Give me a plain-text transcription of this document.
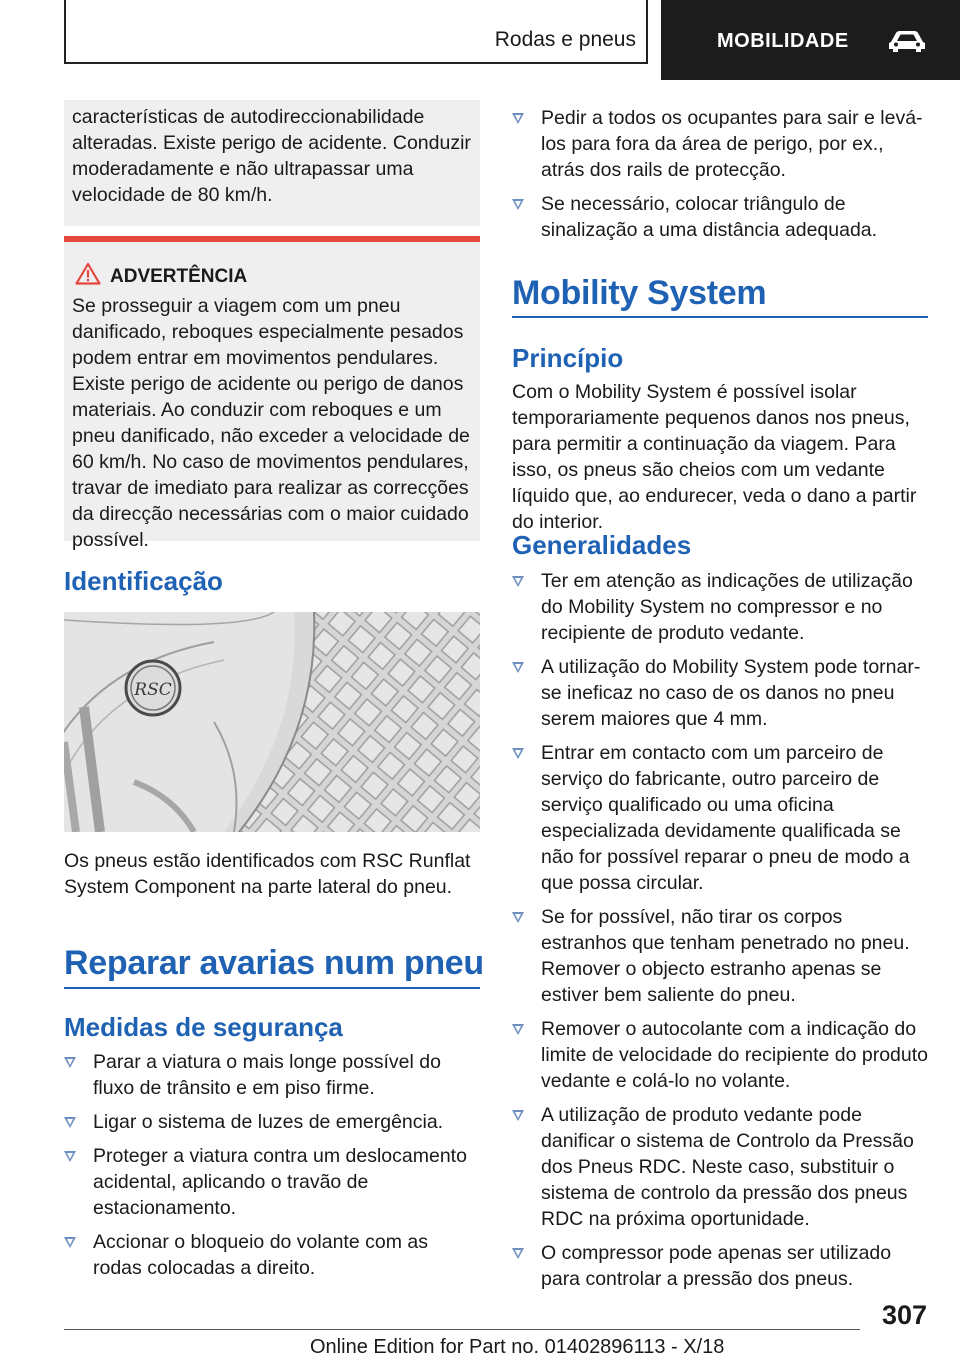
Rodas e pneus	MOBILIDADE
características de autodireccionabilidade alteradas. Existe perigo de acidente. Conduzir moderadamente e não ultrapassar uma velocidade de 80 km/h.
ADVERTÊNCIA
Se prosseguir a viagem com um pneu danificado, reboques especialmente pesados podem entrar em movimentos pendulares. Existe perigo de acidente ou perigo de danos materiais. Ao conduzir com reboques e um pneu danificado, não exceder a velocidade de 60 km/h. No caso de movimentos pendulares, travar de imediato para realizar as correcções da direcção necessárias com o maior cuidado possível.
Identificação
RSC
Os pneus estão identificados com RSC Runflat System Component na parte lateral do pneu.
Reparar avarias num pneu
Medidas de segurança
Parar a viatura o mais longe possível do fluxo de trânsito e em piso firme.
Ligar o sistema de luzes de emergência.
Proteger a viatura contra um deslocamento acidental, aplicando o travão de estacionamento.
Accionar o bloqueio do volante com as rodas colocadas a direito.
Pedir a todos os ocupantes para sair e levá-los para fora da área de perigo, por ex., atrás dos rails de protecção.
Se necessário, colocar triângulo de sinalização a uma distância adequada.
Mobility System
Princípio
Com o Mobility System é possível isolar temporariamente pequenos danos nos pneus, para permitir a continuação da viagem. Para isso, os pneus são cheios com um vedante líquido que, ao endurecer, veda o dano a partir do interior.
Generalidades
Ter em atenção as indicações de utilização do Mobility System no compressor e no recipiente de produto vedante.
A utilização do Mobility System pode tornar-se ineficaz no caso de os danos no pneu serem maiores que 4 mm.
Entrar em contacto com um parceiro de serviço do fabricante, outro parceiro de serviço qualificado ou uma oficina especializada devidamente qualificada se não for possível reparar o pneu de modo a que possa circular.
Se for possível, não tirar os corpos estranhos que tenham penetrado no pneu. Remover o objecto estranho apenas se estiver bem saliente do pneu.
Remover o autocolante com a indicação do limite de velocidade do recipiente do produto vedante e colá-lo no volante.
A utilização de produto vedante pode danificar o sistema de Controlo da Pressão dos Pneus RDC. Neste caso, substituir o sistema de controlo da pressão dos pneus RDC na próxima oportunidade.
O compressor pode apenas ser utilizado para controlar a pressão dos pneus.
307
Online Edition for Part no. 01402896113 - X/18
